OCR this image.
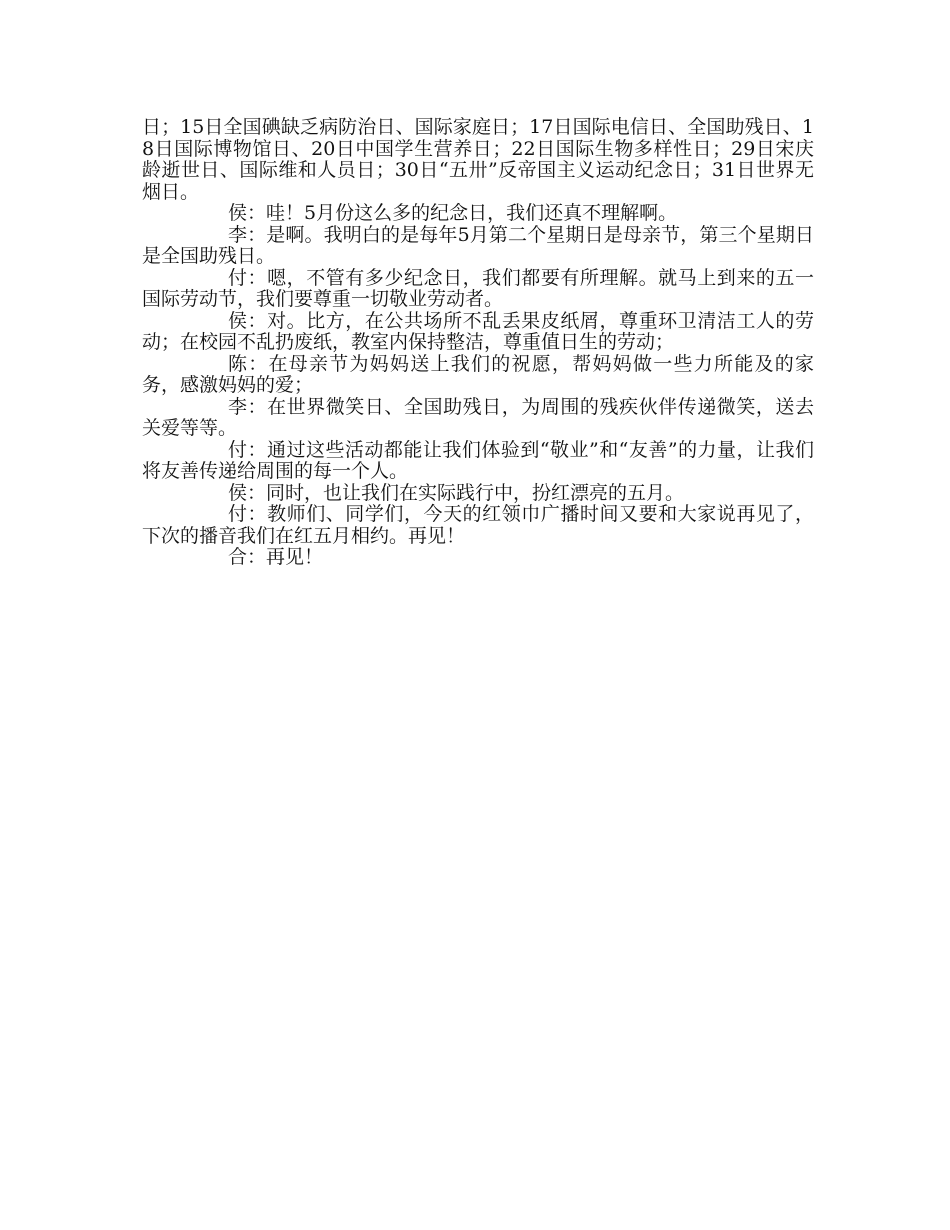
日；15日全国碘缺乏病防治日、国际家庭日；17日国际电信日、全国助残日、18日国际博物馆日、20日中国学生营养日；22日国际生物多样性日；29日宋庆龄逝世日、国际维和人员日；30日“五卅”反帝国主义运动纪念日；31日世界无烟日。

侯：哇！5月份这么多的纪念日，我们还真不理解啊。

李：是啊。我明白的是每年5月第二个星期日是母亲节，第三个星期日是全国助残日。

付：嗯，不管有多少纪念日，我们都要有所理解。就马上到来的五一国际劳动节，我们要尊重一切敬业劳动者。

侯：对。比方，在公共场所不乱丢果皮纸屑，尊重环卫清洁工人的劳动；在校园不乱扔废纸，教室内保持整洁，尊重值日生的劳动；

陈：在母亲节为妈妈送上我们的祝愿，帮妈妈做一些力所能及的家务，感激妈妈的爱；

李：在世界微笑日、全国助残日，为周围的残疾伙伴传递微笑，送去关爱等等。

付：通过这些活动都能让我们体验到“敬业”和“友善”的力量，让我们将友善传递给周围的每一个人。

侯：同时，也让我们在实际践行中，扮红漂亮的五月。

付：教师们、同学们，今天的红领巾广播时间又要和大家说再见了，下次的播音我们在红五月相约。再见！

合：再见！
